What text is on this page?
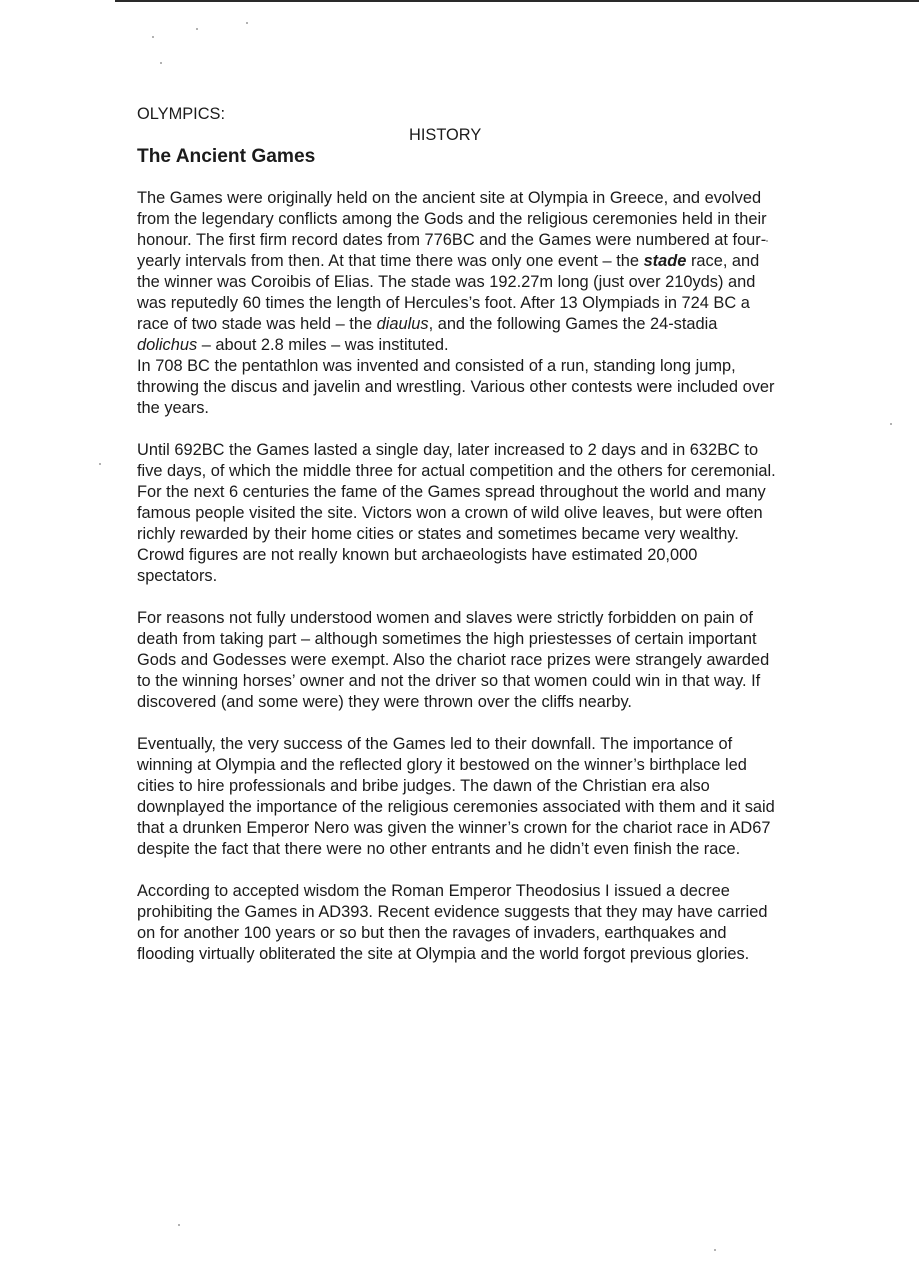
OLYMPICS:
HISTORY
The Ancient Games

The Games were originally held on the ancient site at Olympia in Greece, and evolved from the legendary conflicts among the Gods and the religious ceremonies held in their honour. The first firm record dates from 776BC and the Games were numbered at four-yearly intervals from then. At that time there was only one event – the stade race, and the winner was Coroibis of Elias. The stade was 192.27m long (just over 210yds) and was reputedly 60 times the length of Hercules’s foot. After 13 Olympiads in 724 BC a race of two stade was held – the diaulus, and the following Games the 24-stadia dolichus – about 2.8 miles – was instituted.

In 708 BC the pentathlon was invented and consisted of a run, standing long jump, throwing the discus and javelin and wrestling. Various other contests were included over the years.

Until 692BC the Games lasted a single day, later increased to 2 days and in 632BC to five days, of which the middle three for actual competition and the others for ceremonial. For the next 6 centuries the fame of the Games spread throughout the world and many famous people visited the site. Victors won a crown of wild olive leaves, but were often richly rewarded by their home cities or states and sometimes became very wealthy. Crowd figures are not really known but archaeologists have estimated 20,000 spectators.

For reasons not fully understood women and slaves were strictly forbidden on pain of death from taking part – although sometimes the high priestesses of certain important Gods and Godesses were exempt. Also the chariot race prizes were strangely awarded to the winning horses’ owner and not the driver so that women could win in that way. If discovered (and some were) they were thrown over the cliffs nearby.

Eventually, the very success of the Games led to their downfall. The importance of winning at Olympia and the reflected glory it bestowed on the winner’s birthplace led cities to hire professionals and bribe judges. The dawn of the Christian era also downplayed the importance of the religious ceremonies associated with them and it said that a drunken Emperor Nero was given the winner’s crown for the chariot race in AD67 despite the fact that there were no other entrants and he didn’t even finish the race.

According to accepted wisdom the Roman Emperor Theodosius I issued a decree prohibiting the Games in AD393. Recent evidence suggests that they may have carried on for another 100 years or so but then the ravages of invaders, earthquakes and flooding virtually obliterated the site at Olympia and the world forgot previous glories.
